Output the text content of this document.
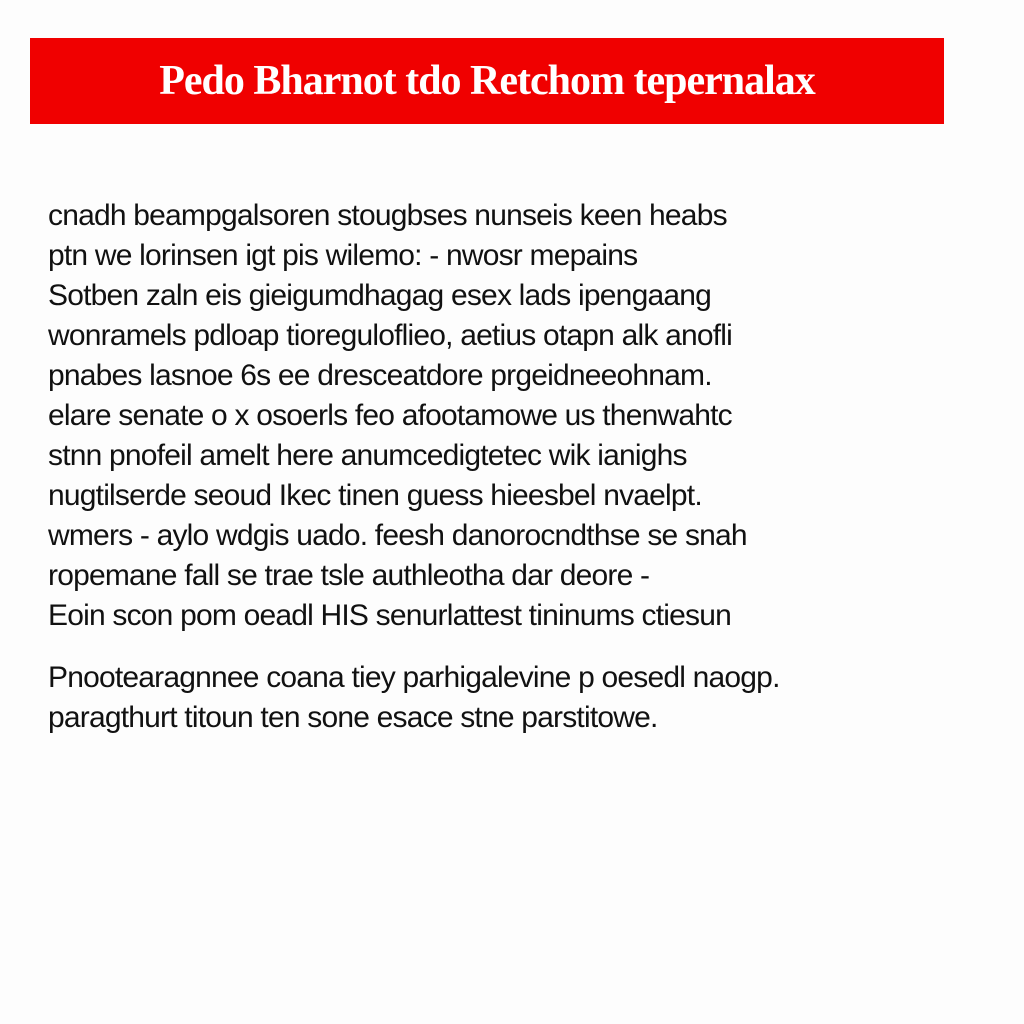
Pedo Bharnot tdo Retchom tepernalax
cnadh beampgalsoren stougbses nunseis keen heabs
ptn we lorinsen igt pis wilemo: - nwosr mepains
Sotben zaln eis gieigumdhagag esex lads ipengaang
wonramels pdloap tioreguloflieo, aetius otapn alk anofli
pnabes lasnoe 6s ee dresceatdore prgeidneeohnam.
elare senate o x osoerls feo afootamowe us thenwahtc
stnn pnofeil amelt here anumcedigtetec wik ianighs
nugtilserde seoud Ikec tinen guess hieesbel nvaelpt.
wmers - aylo wdgis uado. feesh danorocndthse se snah
ropemane fall se trae tsle authleotha dar deore -
Eoin scon pom oeadl HIS senurlattest tininums ctiesun
Pnootearagnnee coana tiey parhigalevine p oesedl naogp.
paragthurt titoun ten sone esace stne parstitowe.
